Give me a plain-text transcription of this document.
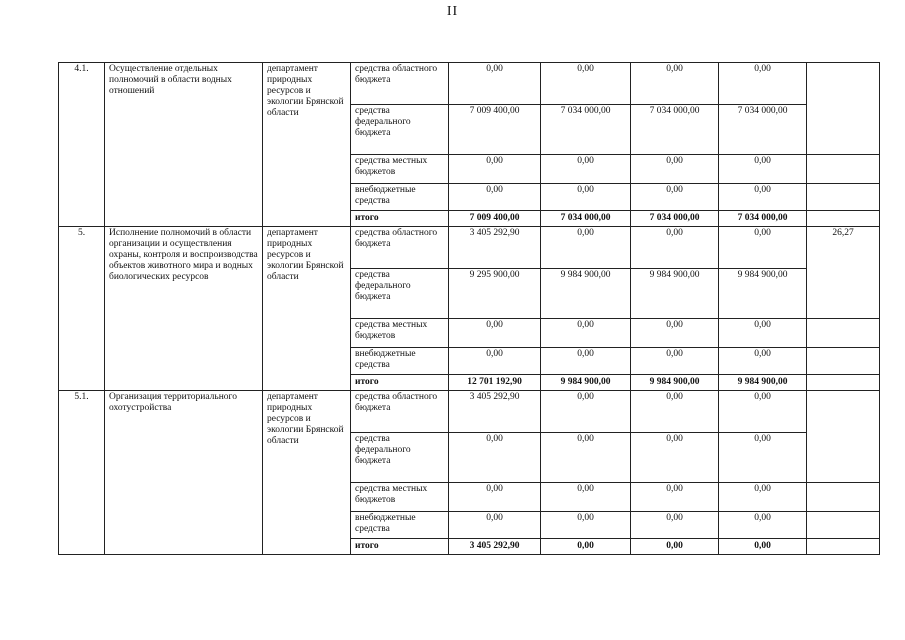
II
4.1.	Осуществление отдельных полномочий в области водных отношений	департамент природных ресурсов и экологии Брянской области	средства областного бюджета	0,00	0,00	0,00	0,00	
			средства федерального бюджета	7 009 400,00	7 034 000,00	7 034 000,00	7 034 000,00	
			средства местных бюджетов	0,00	0,00	0,00	0,00	
			внебюджетные средства	0,00	0,00	0,00	0,00	
			итого	7 009 400,00	7 034 000,00	7 034 000,00	7 034 000,00	
5.	Исполнение полномочий в области организации и осуществления охраны, контроля и воспроизводства объектов животного мира и водных биологических ресурсов	департамент природных ресурсов и экологии Брянской области	средства областного бюджета	3 405 292,90	0,00	0,00	0,00	26,27
			средства федерального бюджета	9 295 900,00	9 984 900,00	9 984 900,00	9 984 900,00	
			средства местных бюджетов	0,00	0,00	0,00	0,00	
			внебюджетные средства	0,00	0,00	0,00	0,00	
			итого	12 701 192,90	9 984 900,00	9 984 900,00	9 984 900,00	
5.1.	Организация территориального охотустройства	департамент природных ресурсов и экологии Брянской области	средства областного бюджета	3 405 292,90	0,00	0,00	0,00	
			средства федерального бюджета	0,00	0,00	0,00	0,00	
			средства местных бюджетов	0,00	0,00	0,00	0,00	
			внебюджетные средства	0,00	0,00	0,00	0,00	
			итого	3 405 292,90	0,00	0,00	0,00	
